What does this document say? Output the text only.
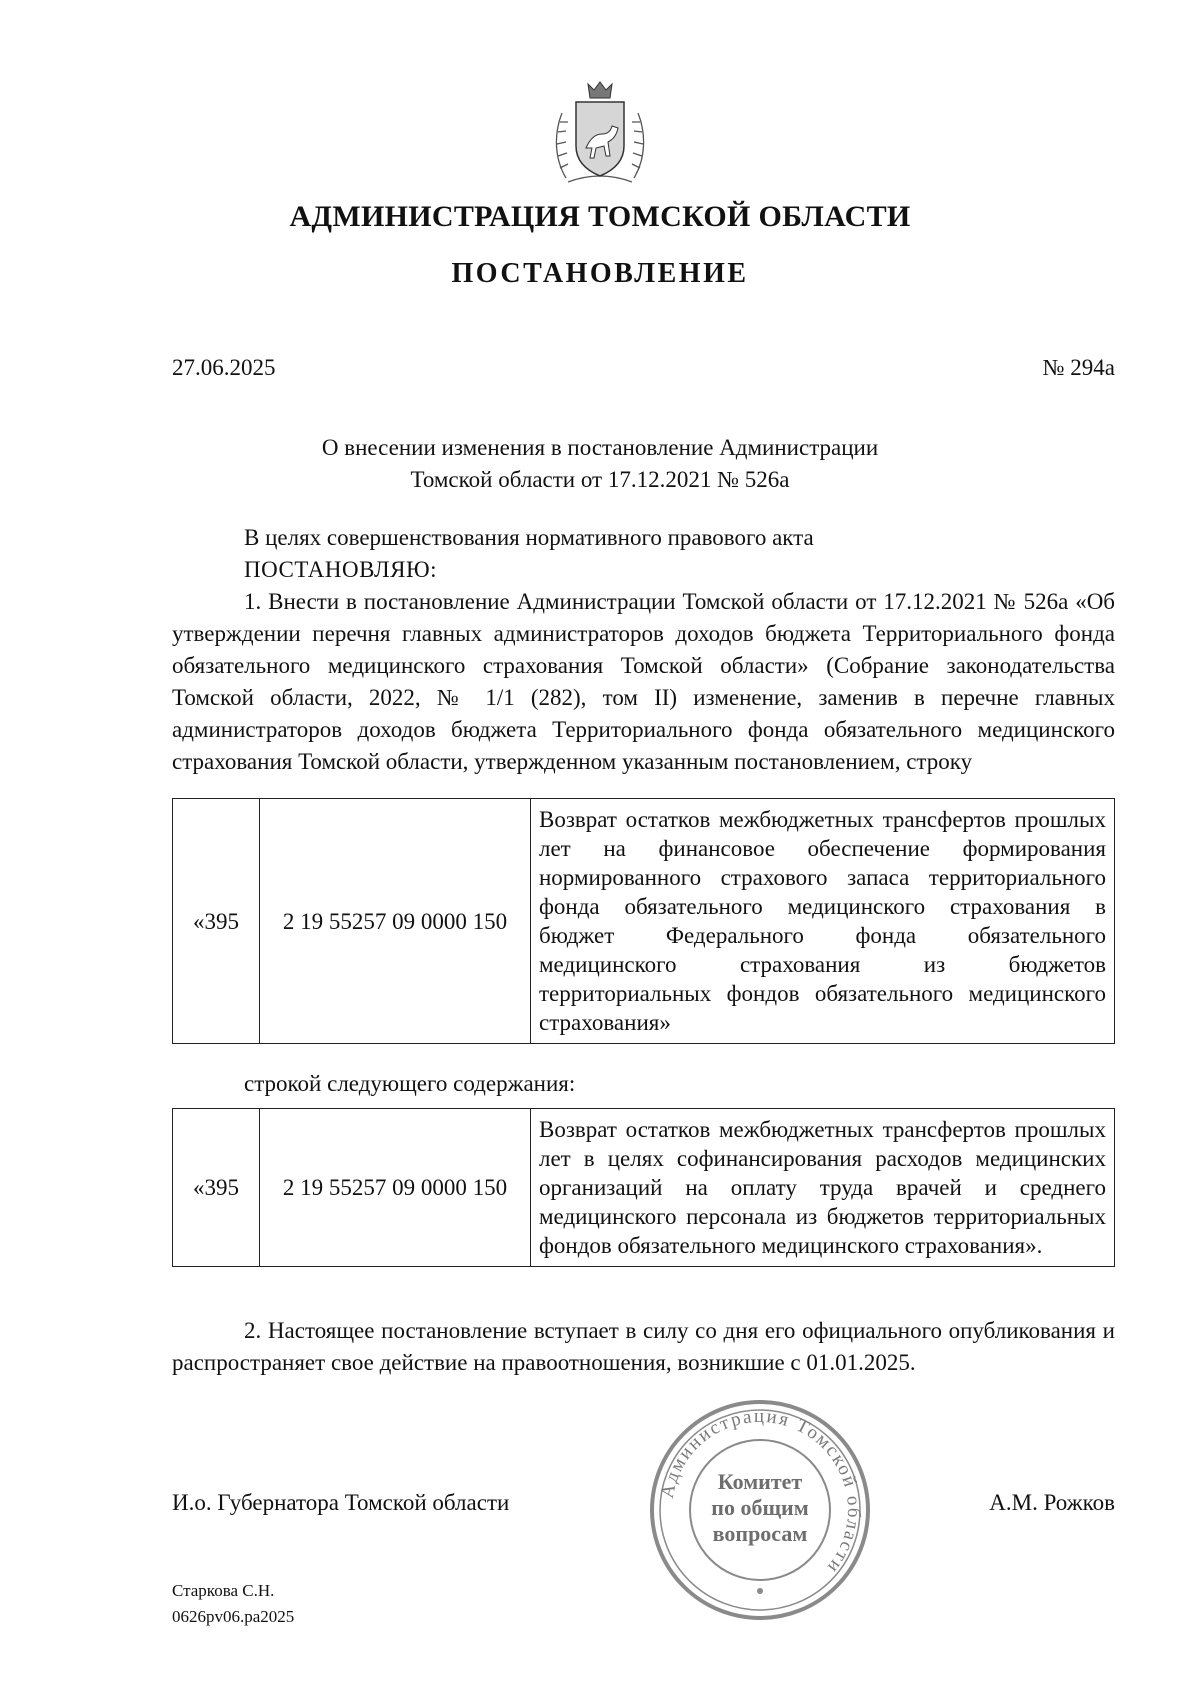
АДМИНИСТРАЦИЯ ТОМСКОЙ ОБЛАСТИ
ПОСТАНОВЛЕНИЕ
27.06.2025	№ 294а
О внесении изменения в постановление Администрации
Томской области от 17.12.2021 № 526а
В целях совершенствования нормативного правового акта
ПОСТАНОВЛЯЮ:
1. Внести в постановление Администрации Томской области от 17.12.2021 № 526а «Об утверждении перечня главных администраторов доходов бюджета Территориального фонда обязательного медицинского страхования Томской области» (Собрание законодательства Томской области, 2022, № 1/1 (282), том II) изменение, заменив в перечне главных администраторов доходов бюджета Территориального фонда обязательного медицинского страхования Томской области, утвержденном указанным постановлением, строку
«395	2 19 55257 09 0000 150	Возврат остатков межбюджетных трансфертов прошлых лет на финансовое обеспечение формирования нормированного страхового запаса территориального фонда обязательного медицинского страхования в бюджет Федерального фонда обязательного медицинского страхования из бюджетов территориальных фондов обязательного медицинского страхования»
строкой следующего содержания:
«395	2 19 55257 09 0000 150	Возврат остатков межбюджетных трансфертов прошлых лет в целях софинансирования расходов медицинских организаций на оплату труда врачей и среднего медицинского персонала из бюджетов территориальных фондов обязательного медицинского страхования».
2. Настоящее постановление вступает в силу со дня его официального опубликования и распространяет свое действие на правоотношения, возникшие с 01.01.2025.
Администрация Томской области
Комитет
по общим
вопросам
И.о. Губернатора Томской области	А.М. Рожков
Старкова С.Н.
0626рv06.ра2025
